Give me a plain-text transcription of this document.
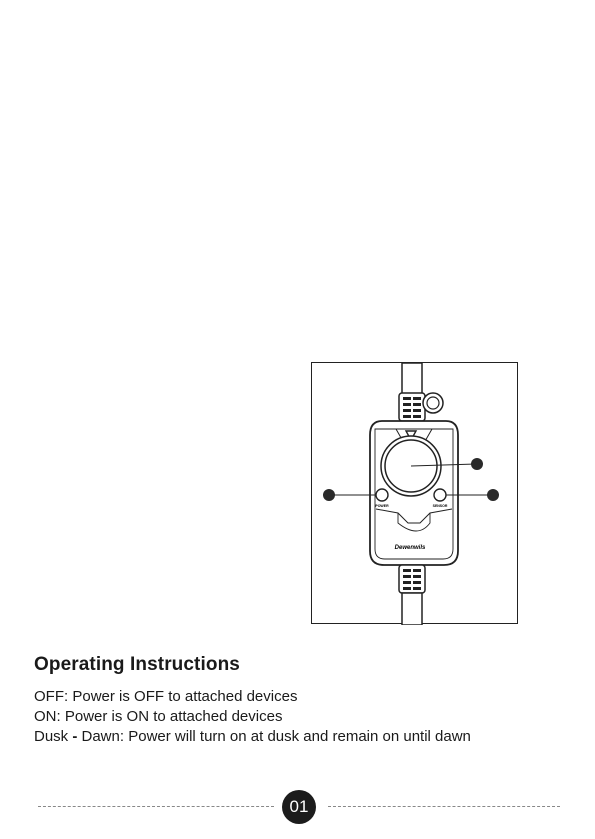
POWER	SENSOR
Dewenwils
Operating Instructions
OFF: Power is OFF to attached devices
ON: Power is ON to attached devices
Dusk - Dawn: Power will turn on at dusk and remain on until dawn
01
